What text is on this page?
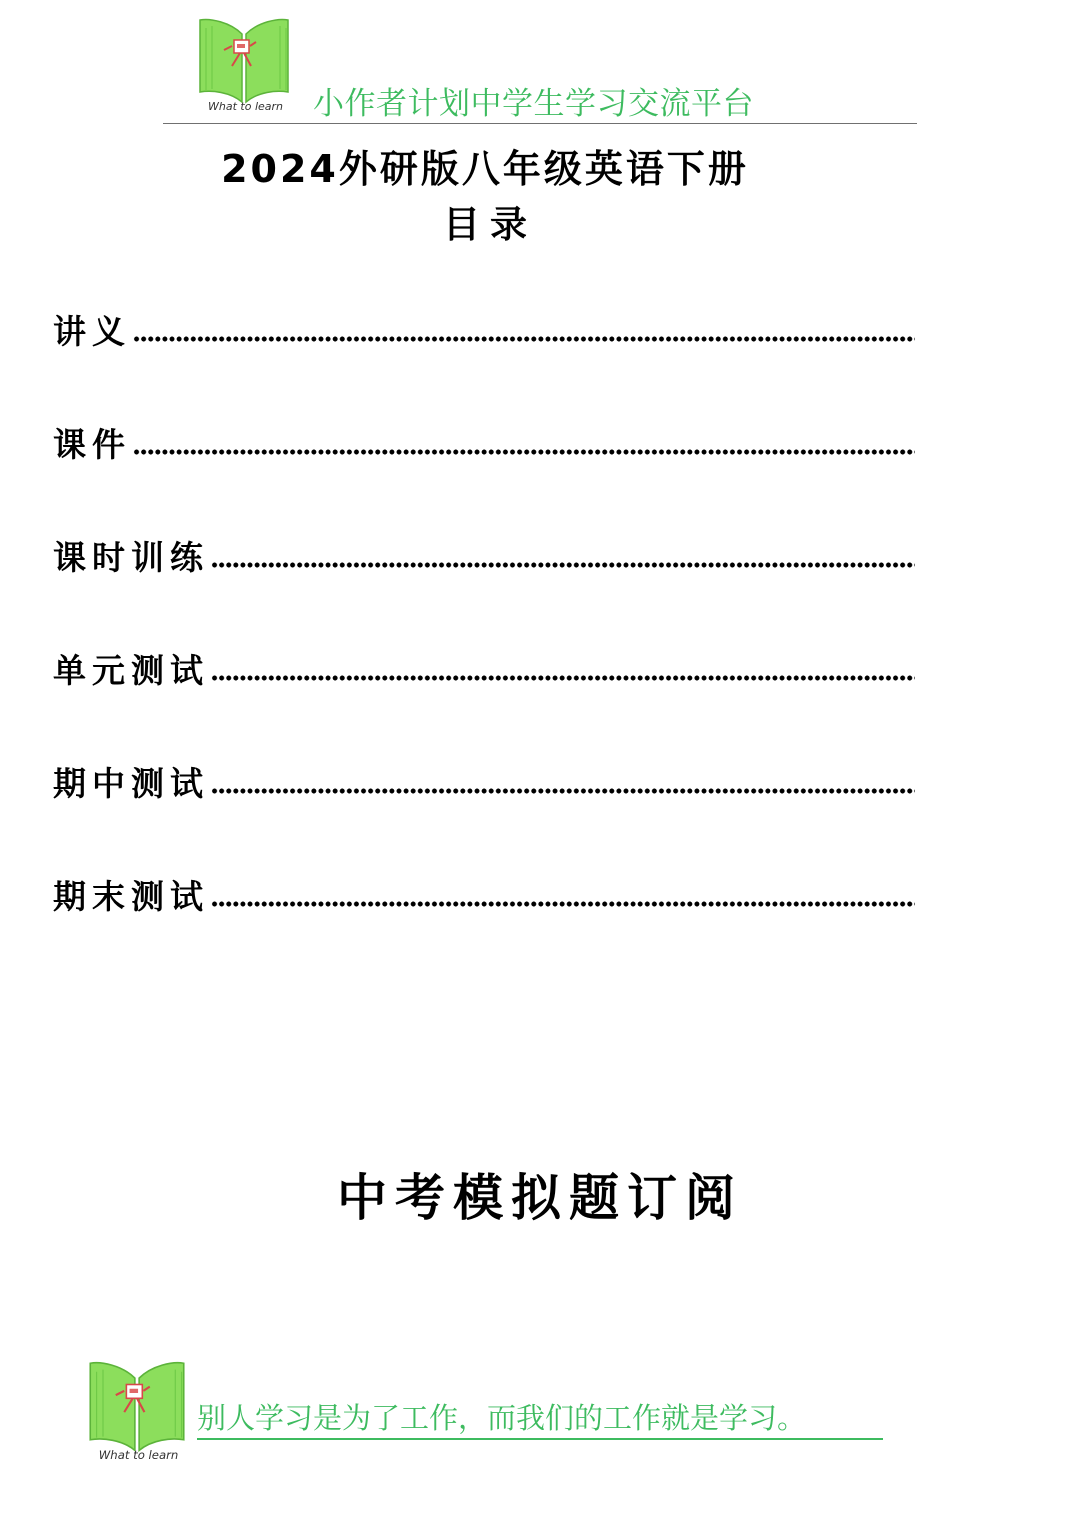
What to learn 小作者计划中学生学习交流平台
2024外研版八年级英语下册
目录
讲义
课件
课时训练
单元测试
期中测试
期末测试
中考模拟题订阅
What to learn
别人学习是为了工作，而我们的工作就是学习。
